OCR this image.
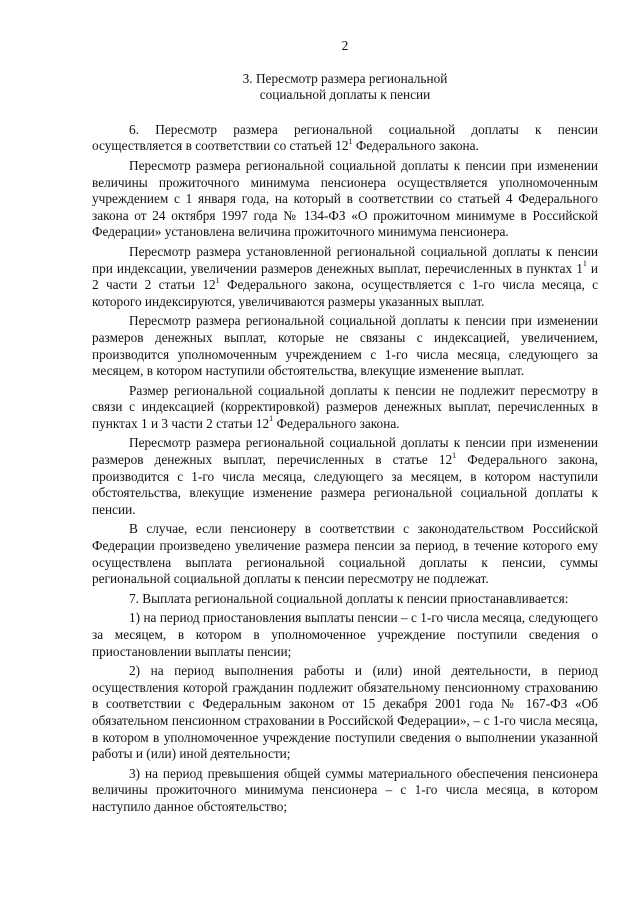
2
3. Пересмотр размера региональной
социальной доплаты к пенсии

6. Пересмотр размера региональной социальной доплаты к пенсии осуществляется в соответствии со статьей $12^1$ Федерального закона.

Пересмотр размера региональной социальной доплаты к пенсии при изменении величины прожиточного минимума пенсионера осуществляется уполномоченным учреждением с 1 января года, на который в соответствии со статьей 4 Федерального закона от 24 октября 1997 года № 134-ФЗ «О прожиточном минимуме в Российской Федерации» установлена величина прожиточного минимума пенсионера.

Пересмотр размера установленной региональной социальной доплаты к пенсии при индексации, увеличении размеров денежных выплат, перечисленных в пунктах $1^1$ и 2 части 2 статьи $12^1$ Федерального закона, осуществляется с 1-го числа месяца, с которого индексируются, увеличиваются размеры указанных выплат.

Пересмотр размера региональной социальной доплаты к пенсии при изменении размеров денежных выплат, которые не связаны с индексацией, увеличением, производится уполномоченным учреждением с 1-го числа месяца, следующего за месяцем, в котором наступили обстоятельства, влекущие изменение выплат.

Размер региональной социальной доплаты к пенсии не подлежит пересмотру в связи с индексацией (корректировкой) размеров денежных выплат, перечисленных в пунктах 1 и 3 части 2 статьи $12^1$ Федерального закона.

Пересмотр размера региональной социальной доплаты к пенсии при изменении размеров денежных выплат, перечисленных в статье $12^1$ Федерального закона, производится с 1-го числа месяца, следующего за месяцем, в котором наступили обстоятельства, влекущие изменение размера региональной социальной доплаты к пенсии.

В случае, если пенсионеру в соответствии с законодательством Российской Федерации произведено увеличение размера пенсии за период, в течение которого ему осуществлена выплата региональной социальной доплаты к пенсии, суммы региональной социальной доплаты к пенсии пересмотру не подлежат.

7. Выплата региональной социальной доплаты к пенсии приостанавливается:

1) на период приостановления выплаты пенсии – с 1-го числа месяца, следующего за месяцем, в котором в уполномоченное учреждение поступили сведения о приостановлении выплаты пенсии;

2) на период выполнения работы и (или) иной деятельности, в период осуществления которой гражданин подлежит обязательному пенсионному страхованию в соответствии с Федеральным законом от 15 декабря 2001 года № 167-ФЗ «Об обязательном пенсионном страховании в Российской Федерации», – с 1-го числа месяца, в котором в уполномоченное учреждение поступили сведения о выполнении указанной работы и (или) иной деятельности;

3) на период превышения общей суммы материального обеспечения пенсионера величины прожиточного минимума пенсионера – с 1-го числа месяца, в котором наступило данное обстоятельство;
